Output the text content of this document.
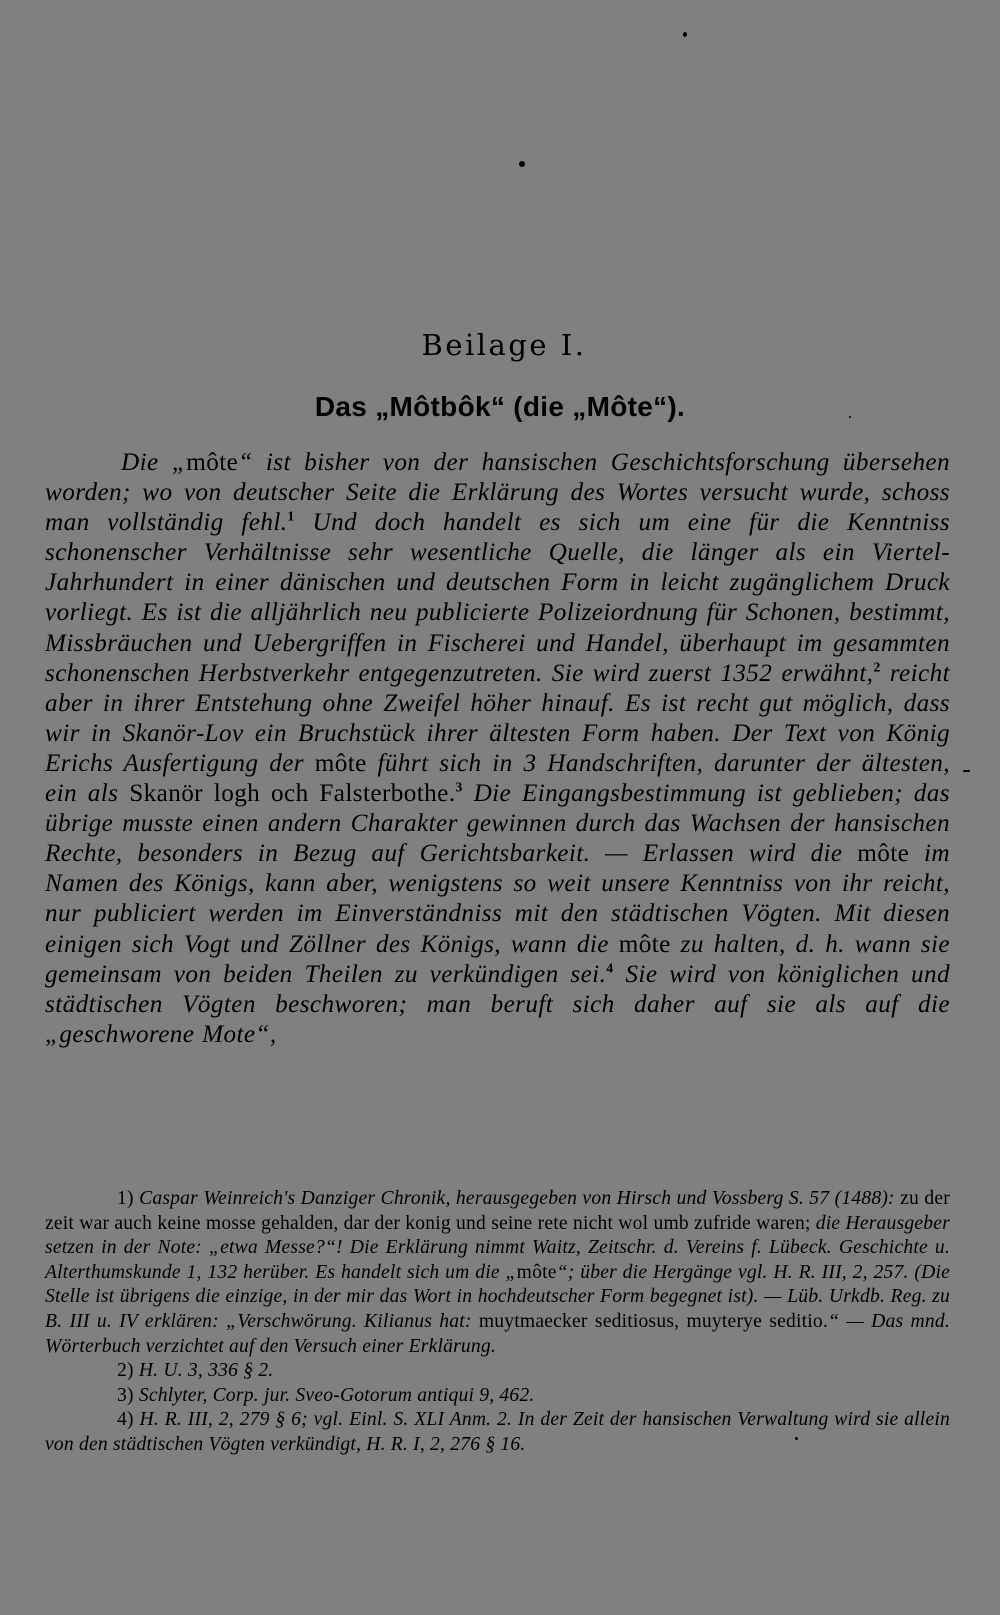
Beilage I.
Das „Môtbôk“ (die „Môte“).

Die „môte“ ist bisher von der hansischen Geschichtsforschung übersehen worden; wo von deutscher Seite die Erklärung des Wortes versucht wurde, schoss man vollständig fehl.$^1$ Und doch handelt es sich um eine für die Kenntniss schonenscher Verhältnisse sehr wesentliche Quelle, die länger als ein Viertel-Jahrhundert in einer dänischen und deutschen Form in leicht zugänglichem Druck vorliegt. Es ist die alljährlich neu publicierte Polizeiordnung für Schonen, bestimmt, Missbräuchen und Uebergriffen in Fischerei und Handel, überhaupt im gesammten schonenschen Herbstverkehr entgegenzutreten. Sie wird zuerst 1352 erwähnt,$^2$ reicht aber in ihrer Entstehung ohne Zweifel höher hinauf. Es ist recht gut möglich, dass wir in Skanör-Lov ein Bruchstück ihrer ältesten Form haben. Der Text von König Erichs Ausfertigung der môte führt sich in 3 Handschriften, darunter der ältesten, ein als Skanör logh och Falsterbothe.$^3$ Die Eingangsbestimmung ist geblieben; das übrige musste einen andern Charakter gewinnen durch das Wachsen der hansischen Rechte, besonders in Bezug auf Gerichtsbarkeit. — Erlassen wird die môte im Namen des Königs, kann aber, wenigstens so weit unsere Kenntniss von ihr reicht, nur publiciert werden im Einverständniss mit den städtischen Vögten. Mit diesen einigen sich Vogt und Zöllner des Königs, wann die môte zu halten, d. h. wann sie gemeinsam von beiden Theilen zu verkündigen sei.$^4$ Sie wird von königlichen und städtischen Vögten beschworen; man beruft sich daher auf sie als auf die „geschworene Mote“,

1) Caspar Weinreich's Danziger Chronik, herausgegeben von Hirsch und Vossberg S. 57 (1488): zu der zeit war auch keine mosse gehalden, dar der konig und seine rete nicht wol umb zufride waren; die Herausgeber setzen in der Note: „etwa Messe?“! Die Erklärung nimmt Waitz, Zeitschr. d. Vereins f. Lübeck. Geschichte u. Alterthumskunde 1, 132 herüber. Es handelt sich um die „môte“; über die Hergänge vgl. H. R. III, 2, 257. (Die Stelle ist übrigens die einzige, in der mir das Wort in hochdeutscher Form begegnet ist). — Lüb. Urkdb. Reg. zu B. III u. IV erklären: „Verschwörung. Kilianus hat: muytmaecker seditiosus, muyterye seditio.“ — Das mnd. Wörterbuch verzichtet auf den Versuch einer Erklärung.

2) H. U. 3, 336 § 2.

3) Schlyter, Corp. jur. Sveo-Gotorum antiqui 9, 462.

4) H. R. III, 2, 279 § 6; vgl. Einl. S. XLI Anm. 2. In der Zeit der hansischen Verwaltung wird sie allein von den städtischen Vögten verkündigt, H. R. I, 2, 276 § 16.
